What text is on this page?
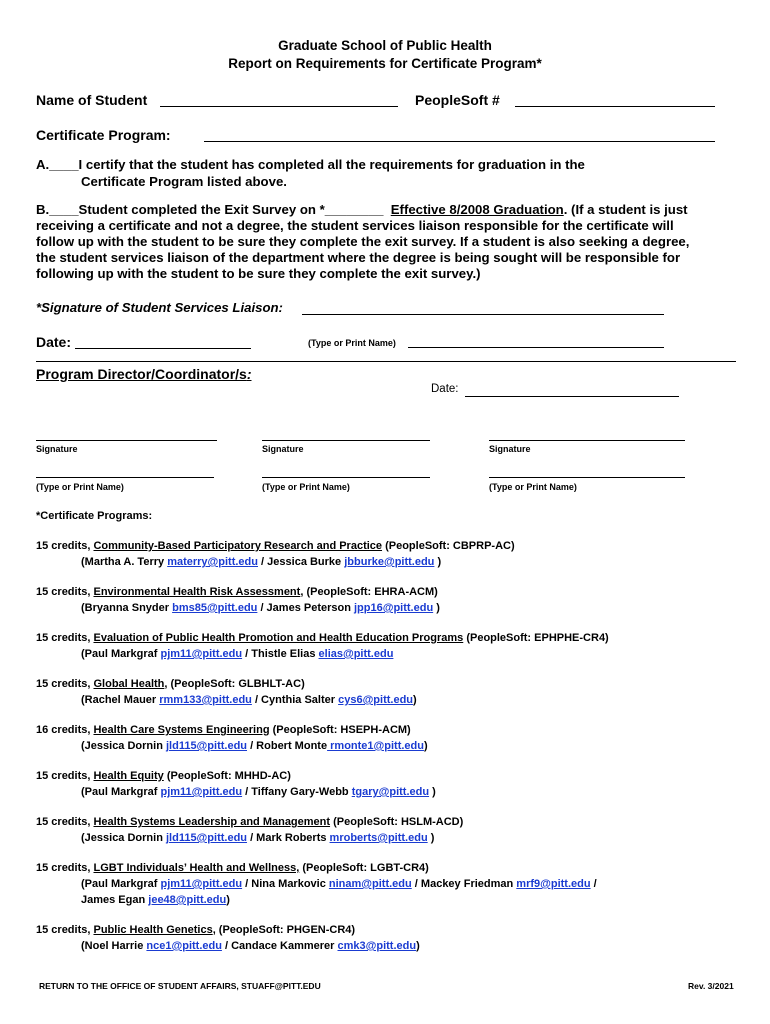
Graduate School of Public Health
Report on Requirements for Certificate Program*
Name of Student	PeopleSoft #
Certificate Program:
A.____I certify that the student has completed all the requirements for graduation in the
Certificate Program listed above.
B.____Student completed the Exit Survey on *________ Effective 8/2008 Graduation. (If a student is just
receiving a certificate and not a degree, the student services liaison responsible for the certificate will
follow up with the student to be sure they complete the exit survey. If a student is also seeking a degree,
the student services liaison of the department where the degree is being sought will be responsible for
following up with the student to be sure they complete the exit survey.)
*Signature of Student Services Liaison:
Date:	(Type or Print Name)
Program Director/Coordinator/s:
Date:
Signature	Signature	Signature
(Type or Print Name)	(Type or Print Name)	(Type or Print Name)
*Certificate Programs:
15 credits, Community-Based Participatory Research and Practice (PeopleSoft: CBPRP-AC)
(Martha A. Terry materry@pitt.edu / Jessica Burke jbburke@pitt.edu )
15 credits, Environmental Health Risk Assessment, (PeopleSoft: EHRA-ACM)
(Bryanna Snyder bms85@pitt.edu / James Peterson jpp16@pitt.edu )
15 credits, Evaluation of Public Health Promotion and Health Education Programs (PeopleSoft: EPHPHE-CR4)
(Paul Markgraf pjm11@pitt.edu / Thistle Elias elias@pitt.edu
15 credits, Global Health, (PeopleSoft: GLBHLT-AC)
(Rachel Mauer rmm133@pitt.edu / Cynthia Salter cys6@pitt.edu)
16 credits, Health Care Systems Engineering (PeopleSoft: HSEPH-ACM)
(Jessica Dornin jld115@pitt.edu / Robert Monte rmonte1@pitt.edu)
15 credits, Health Equity (PeopleSoft: MHHD-AC)
(Paul Markgraf pjm11@pitt.edu / Tiffany Gary-Webb tgary@pitt.edu )
15 credits, Health Systems Leadership and Management (PeopleSoft: HSLM-ACD)
(Jessica Dornin jld115@pitt.edu / Mark Roberts mroberts@pitt.edu )
15 credits, LGBT Individuals’ Health and Wellness, (PeopleSoft: LGBT-CR4)
(Paul Markgraf pjm11@pitt.edu / Nina Markovic ninam@pitt.edu / Mackey Friedman mrf9@pitt.edu /
James Egan jee48@pitt.edu)
15 credits, Public Health Genetics, (PeopleSoft: PHGEN-CR4)
(Noel Harrie nce1@pitt.edu / Candace Kammerer cmk3@pitt.edu)
RETURN TO THE OFFICE OF STUDENT AFFAIRS, STUAFF@PITT.EDU	Rev. 3/2021
